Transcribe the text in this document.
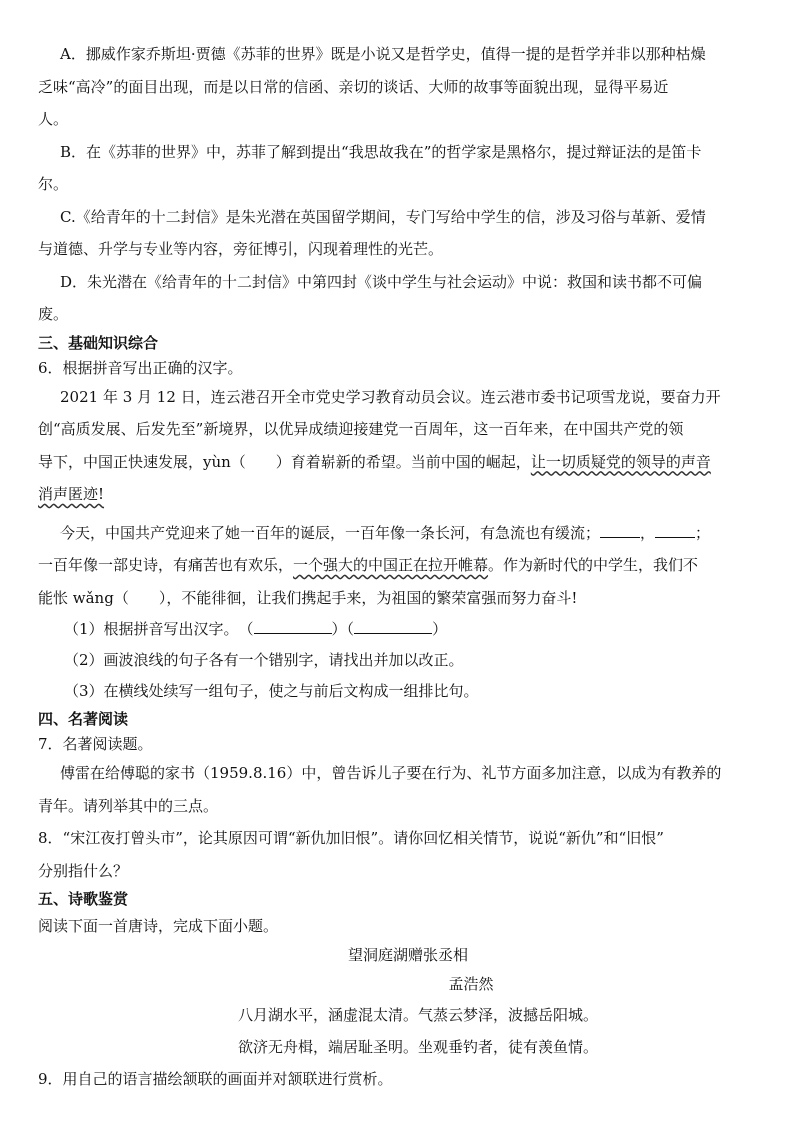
A．挪威作家乔斯坦·贾德《苏菲的世界》既是小说又是哲学史，值得一提的是哲学并非以那种枯燥

乏味“高冷”的面目出现，而是以日常的信函、亲切的谈话、大师的故事等面貌出现，显得平易近

人。

B．在《苏菲的世界》中，苏菲了解到提出“我思故我在”的哲学家是黑格尔，提过辩证法的是笛卡

尔。

C.《给青年的十二封信》是朱光潜在英国留学期间，专门写给中学生的信，涉及习俗与革新、爱情

与道德、升学与专业等内容，旁征博引，闪现着理性的光芒。

D．朱光潜在《给青年的十二封信》中第四封《谈中学生与社会运动》中说：救国和读书都不可偏

废。

三、基础知识综合

6．根据拼音写出正确的汉字。

2021 年 3 月 12 日，连云港召开全市党史学习教育动员会议。连云港市委书记项雪龙说，要奋力开

创“高质发展、后发先至”新境界，以优异成绩迎接建党一百周年，这一百年来，在中国共产党的领

导下，中国正快速发展，yùn（　　）育着崭新的希望。当前中国的崛起，让一切质疑党的领导的声音

消声匿迹!

今天，中国共产党迎来了她一百年的诞辰，一百年像一条长河，有急流也有缓流；	，	；

一百年像一部史诗，有痛苦也有欢乐，一个强大的中国正在拉开帷幕。作为新时代的中学生，我们不

能怅 wǎng（　　），不能徘徊，让我们携起手来，为祖国的繁荣富强而努力奋斗!

（1）根据拼音写出汉字。　（	）（	）

（2）画波浪线的句子各有一个错别字，请找出并加以改正。

（3）在横线处续写一组句子，使之与前后文构成一组排比句。

四、名著阅读

7．名著阅读题。

傅雷在给傅聪的家书（1959.8.16）中，曾告诉儿子要在行为、礼节方面多加注意，以成为有教养的

青年。请列举其中的三点。

8．“宋江夜打曾头市”，论其原因可谓“新仇加旧恨”。请你回忆相关情节，说说“新仇”和“旧恨”

分别指什么？

五、诗歌鉴赏

阅读下面一首唐诗，完成下面小题。

望洞庭湖赠张丞相

孟浩然

八月湖水平，涵虚混太清。气蒸云梦泽，波撼岳阳城。

欲济无舟楫，端居耻圣明。坐观垂钓者，徒有羡鱼情。

9．用自己的语言描绘颔联的画面并对颔联进行赏析。
